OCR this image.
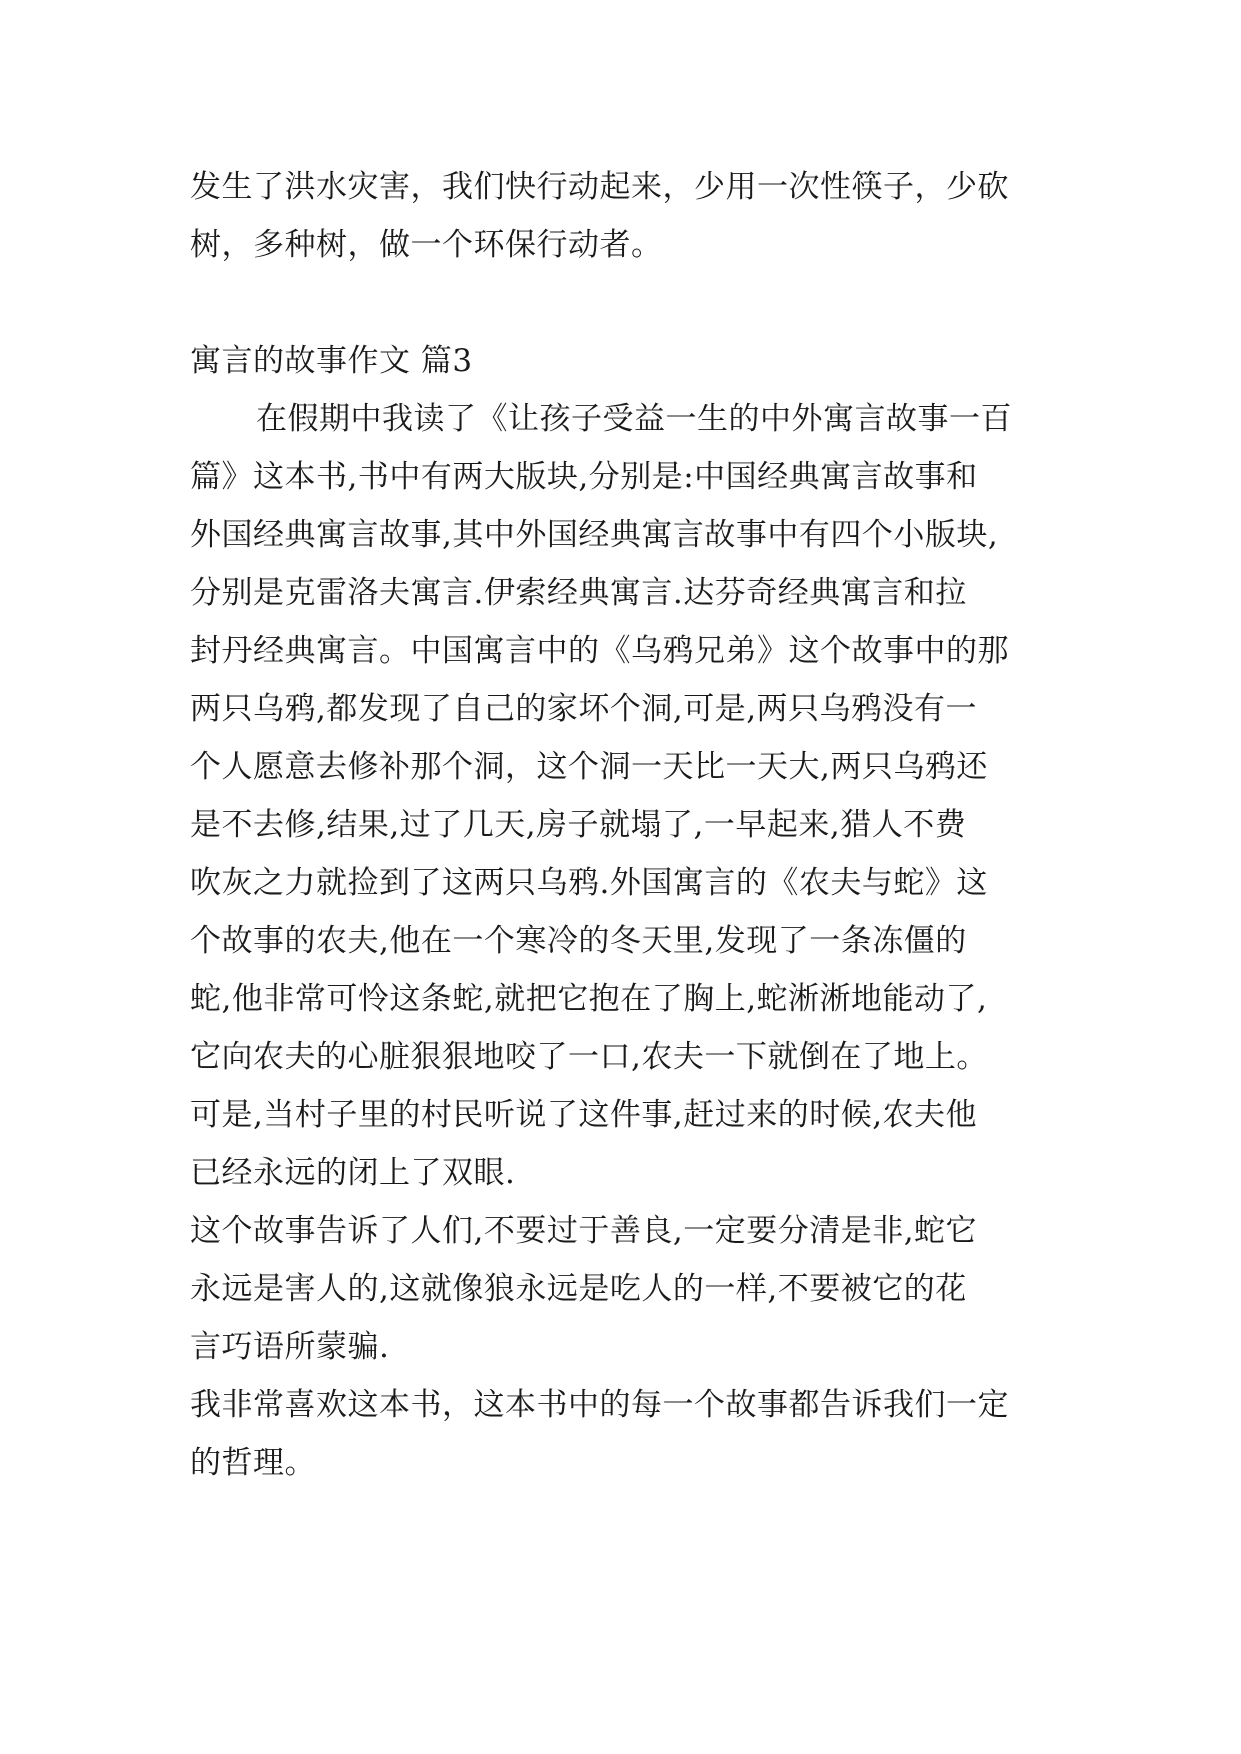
发生了洪水灾害，我们快行动起来，少用一次性筷子，少砍
树，多种树，做一个环保行动者。
寓言的故事作文 篇3
在假期中我读了《让孩子受益一生的中外寓言故事一百
篇》这本书,书中有两大版块,分别是:中国经典寓言故事和
外国经典寓言故事,其中外国经典寓言故事中有四个小版块,
分别是克雷洛夫寓言.伊索经典寓言.达芬奇经典寓言和拉
封丹经典寓言。中国寓言中的《乌鸦兄弟》这个故事中的那
两只乌鸦,都发现了自己的家坏个洞,可是,两只乌鸦没有一
个人愿意去修补那个洞，这个洞一天比一天大,两只乌鸦还
是不去修,结果,过了几天,房子就塌了,一早起来,猎人不费
吹灰之力就捡到了这两只乌鸦.外国寓言的《农夫与蛇》这
个故事的农夫,他在一个寒冷的冬天里,发现了一条冻僵的
蛇,他非常可怜这条蛇,就把它抱在了胸上,蛇淅淅地能动了,
它向农夫的心脏狠狠地咬了一口,农夫一下就倒在了地上。
可是,当村子里的村民听说了这件事,赶过来的时候,农夫他
已经永远的闭上了双眼.
这个故事告诉了人们,不要过于善良,一定要分清是非,蛇它
永远是害人的,这就像狼永远是吃人的一样,不要被它的花
言巧语所蒙骗.
我非常喜欢这本书，这本书中的每一个故事都告诉我们一定
的哲理。
